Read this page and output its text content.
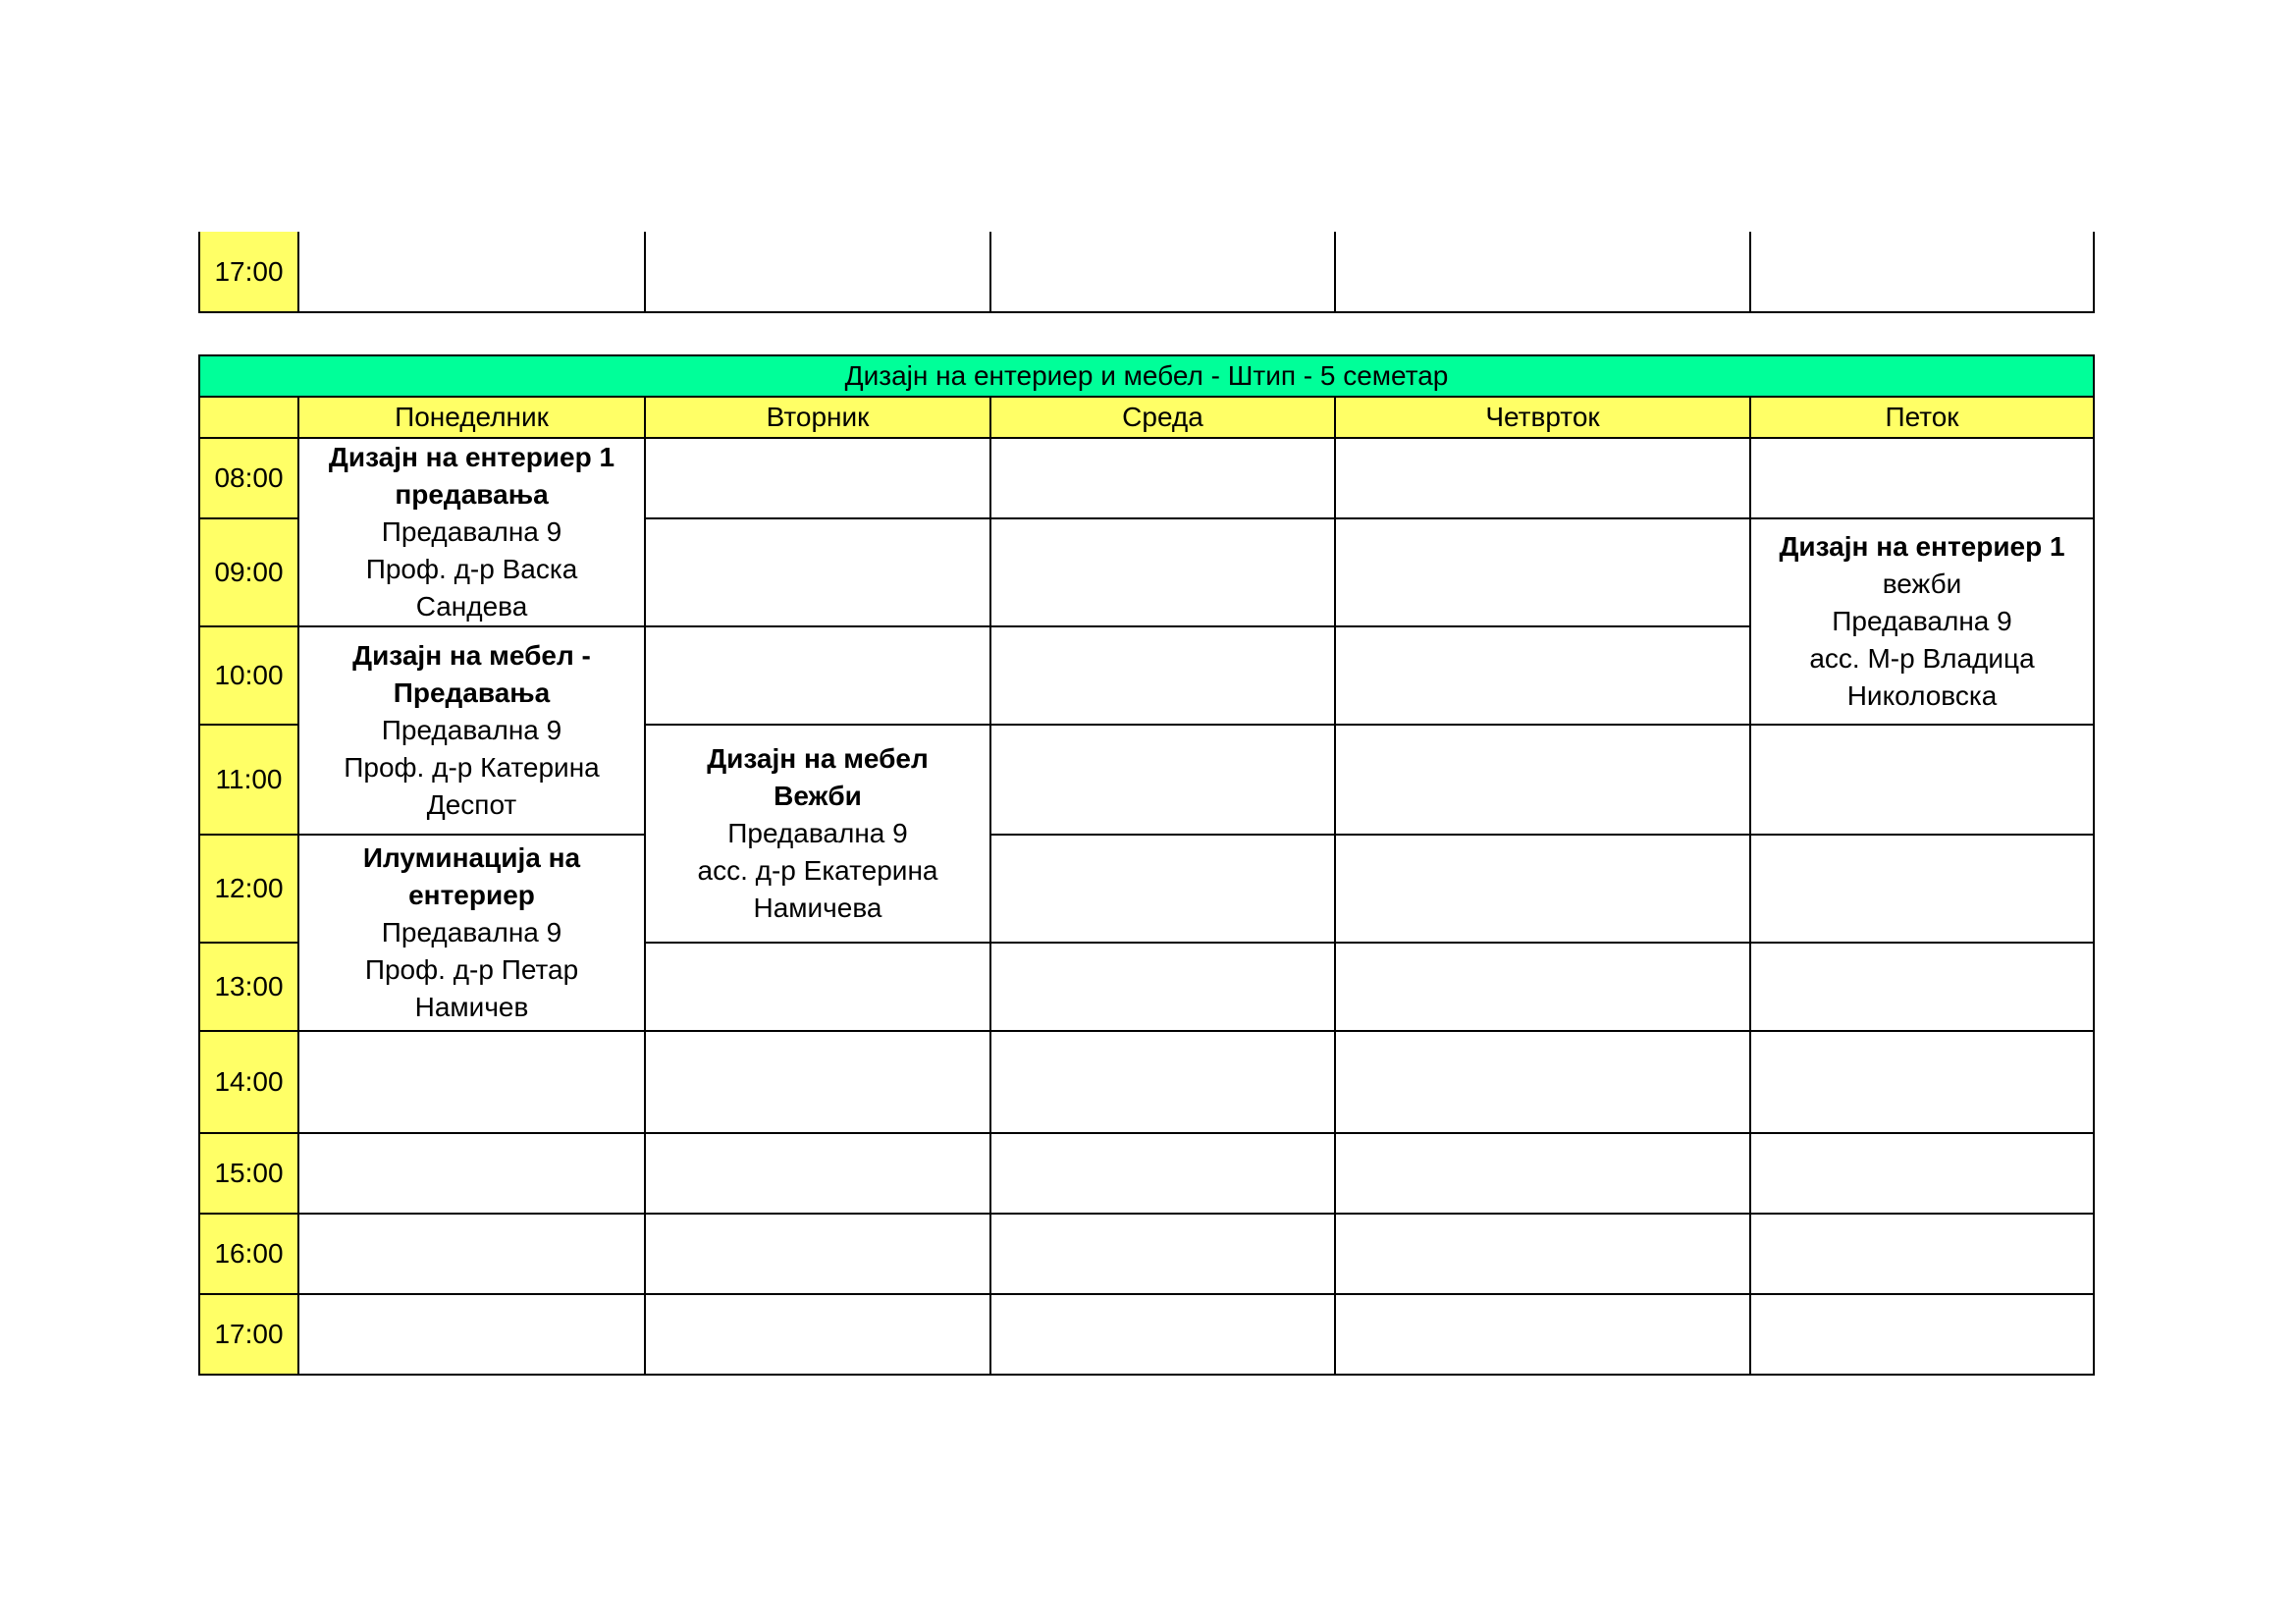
17:00					
Дизајн на ентериер и мебел - Штип - 5 семетар					
	Понеделник	Вторник	Среда	Четврток	Петок
08:00	Дизајн на ентериер 1
предавања
Предавална 9
Проф. д-р Васка
Сандева				

09:00					Дизајн на ентериер 1
вежби
Предавална 9
асс. М-р Владица
Николовска

10:00	Дизајн на мебел -
Предавања
Предавална 9
Проф. д-р Катерина
Деспот				

11:00		Дизајн на мебел
Вежби
Предавална 9
асс. д-р Екатерина
Намичева			

12:00	Илуминација на
ентериер
Предавална 9
Проф. д-р Петар
Намичев				

13:00					
14:00					
15:00					
16:00					
17:00					
